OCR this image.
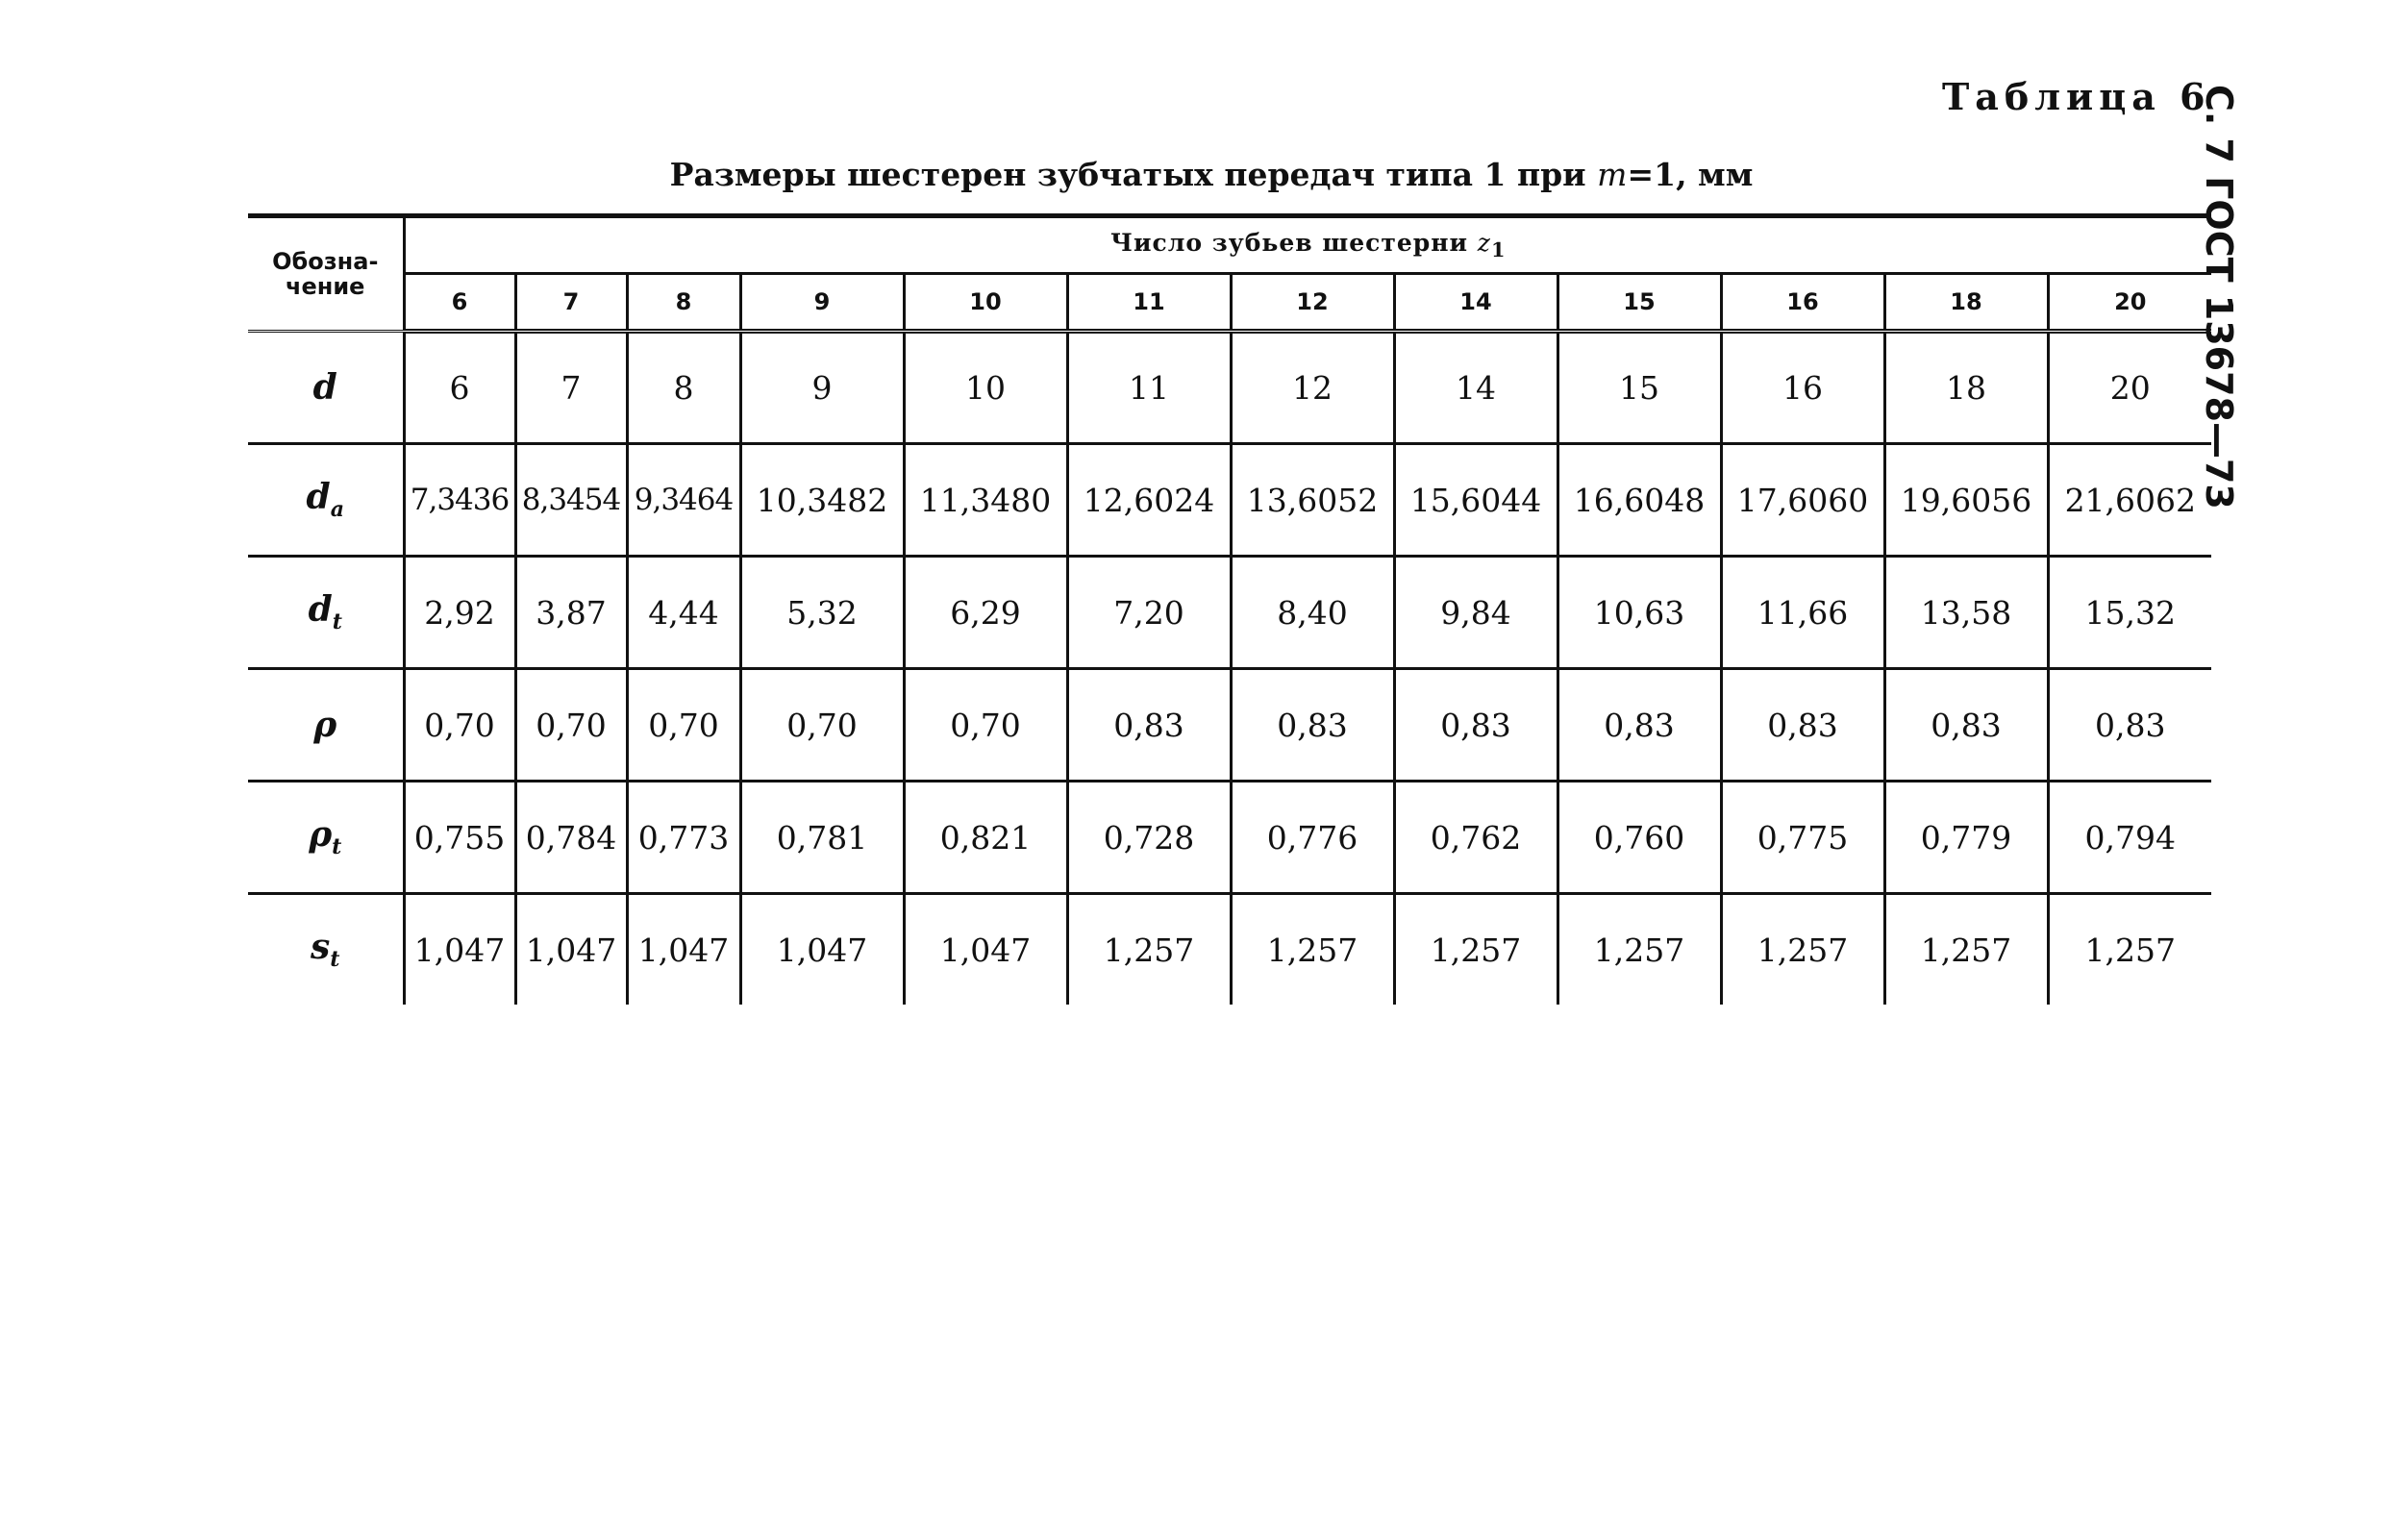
Таблица 6
С. 7 ГОСТ 13678—73
Размеры шестерен зубчатых передач типа 1 при m=1, мм
Обозна-чение	Число зубьев шестерни $z_1$
	6	7	8	9	10	11	12	14	15	16	18	20
d	6	7	8	9	10	11	12	14	15	16	18	20
$d_a$	7,3436	8,3454	9,3464	10,3482	11,3480	12,6024	13,6052	15,6044	16,6048	17,6060	19,6056	21,6062
$d_t$	2,92	3,87	4,44	5,32	6,29	7,20	8,40	9,84	10,63	11,66	13,58	15,32
ρ	0,70	0,70	0,70	0,70	0,70	0,83	0,83	0,83	0,83	0,83	0,83	0,83
$\rho_t$	0,755	0,784	0,773	0,781	0,821	0,728	0,776	0,762	0,760	0,775	0,779	0,794
$s_t$	1,047	1,047	1,047	1,047	1,047	1,257	1,257	1,257	1,257	1,257	1,257	1,257
